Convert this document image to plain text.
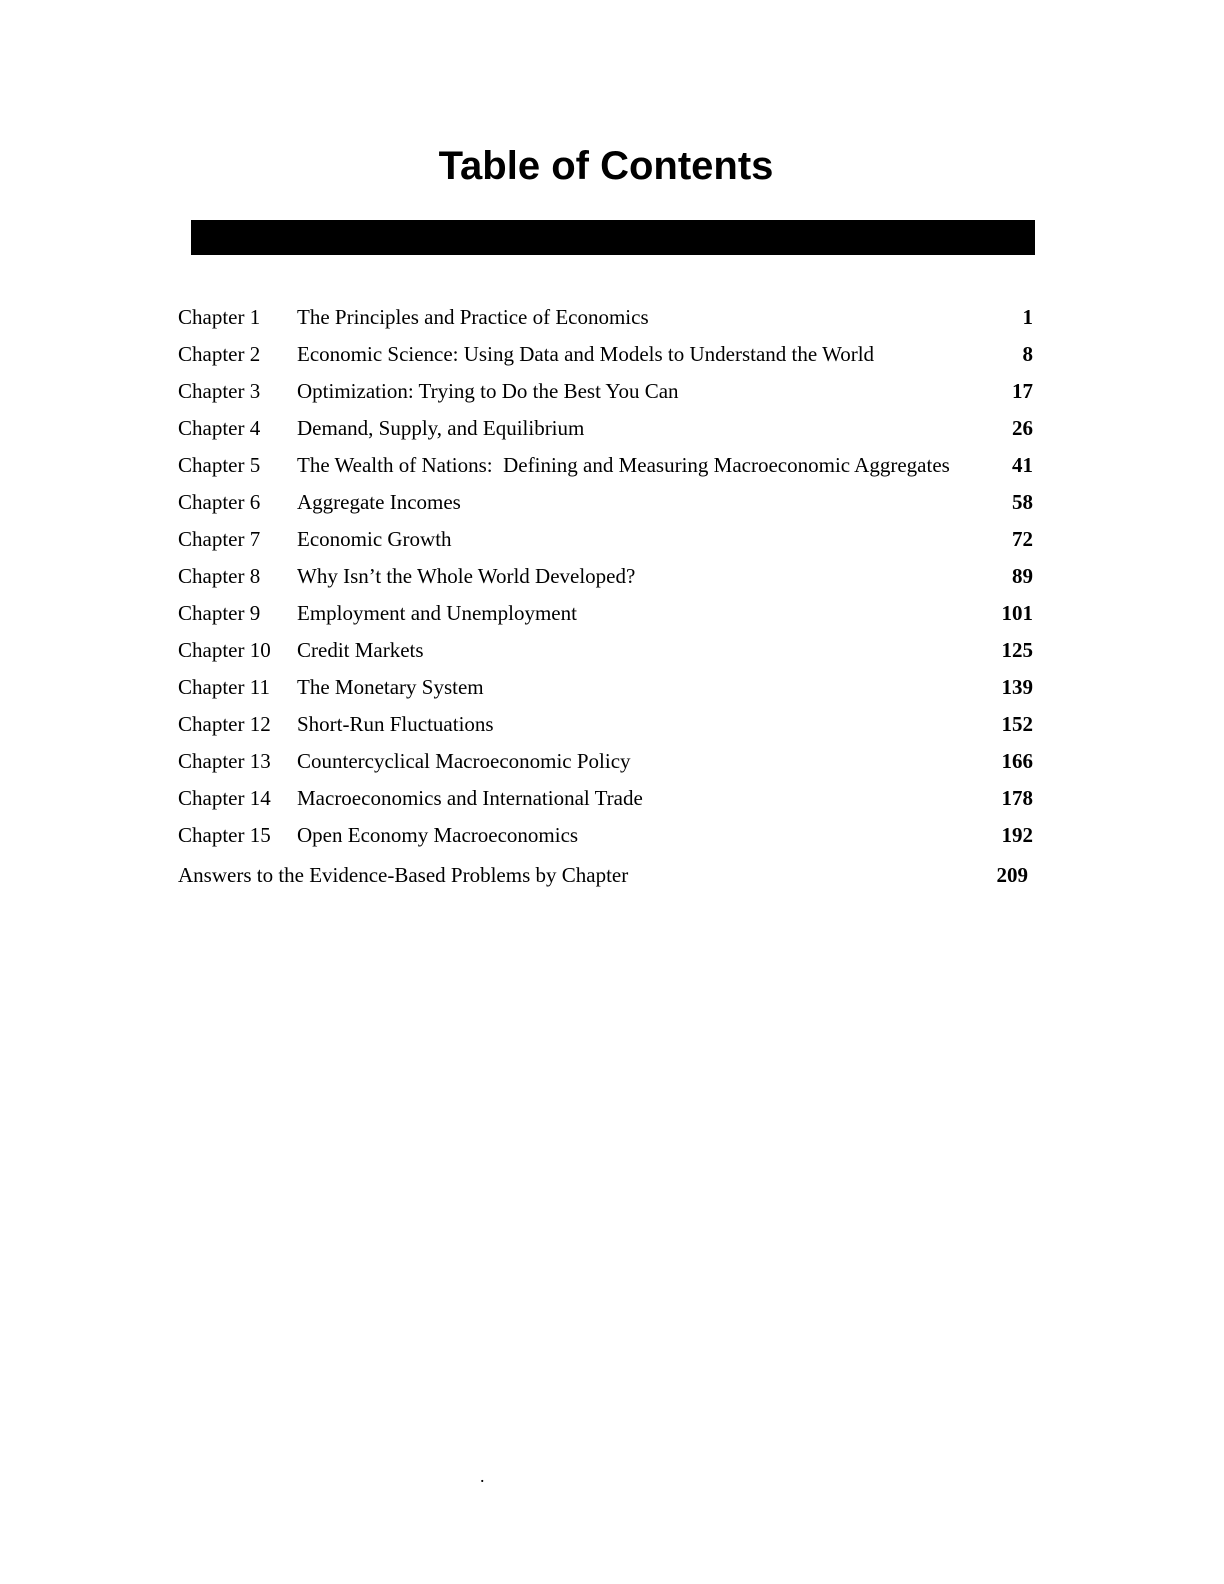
Table of Contents
Chapter 1 The Principles and Practice of Economics	1
Chapter 2 Economic Science: Using Data and Models to Understand the World	8
Chapter 3 Optimization: Trying to Do the Best You Can	17
Chapter 4 Demand, Supply, and Equilibrium	26
Chapter 5 The Wealth of Nations:  Defining and Measuring Macroeconomic Aggregates	41
Chapter 6 Aggregate Incomes	58
Chapter 7 Economic Growth	72
Chapter 8 Why Isn’t the Whole World Developed?	89
Chapter 9 Employment and Unemployment	101
Chapter 10 Credit Markets	125
Chapter 11 The Monetary System	139
Chapter 12 Short-Run Fluctuations	152
Chapter 13 Countercyclical Macroeconomic Policy	166
Chapter 14 Macroeconomics and International Trade	178
Chapter 15 Open Economy Macroeconomics	192
Answers to the Evidence-Based Problems by Chapter	209
.
